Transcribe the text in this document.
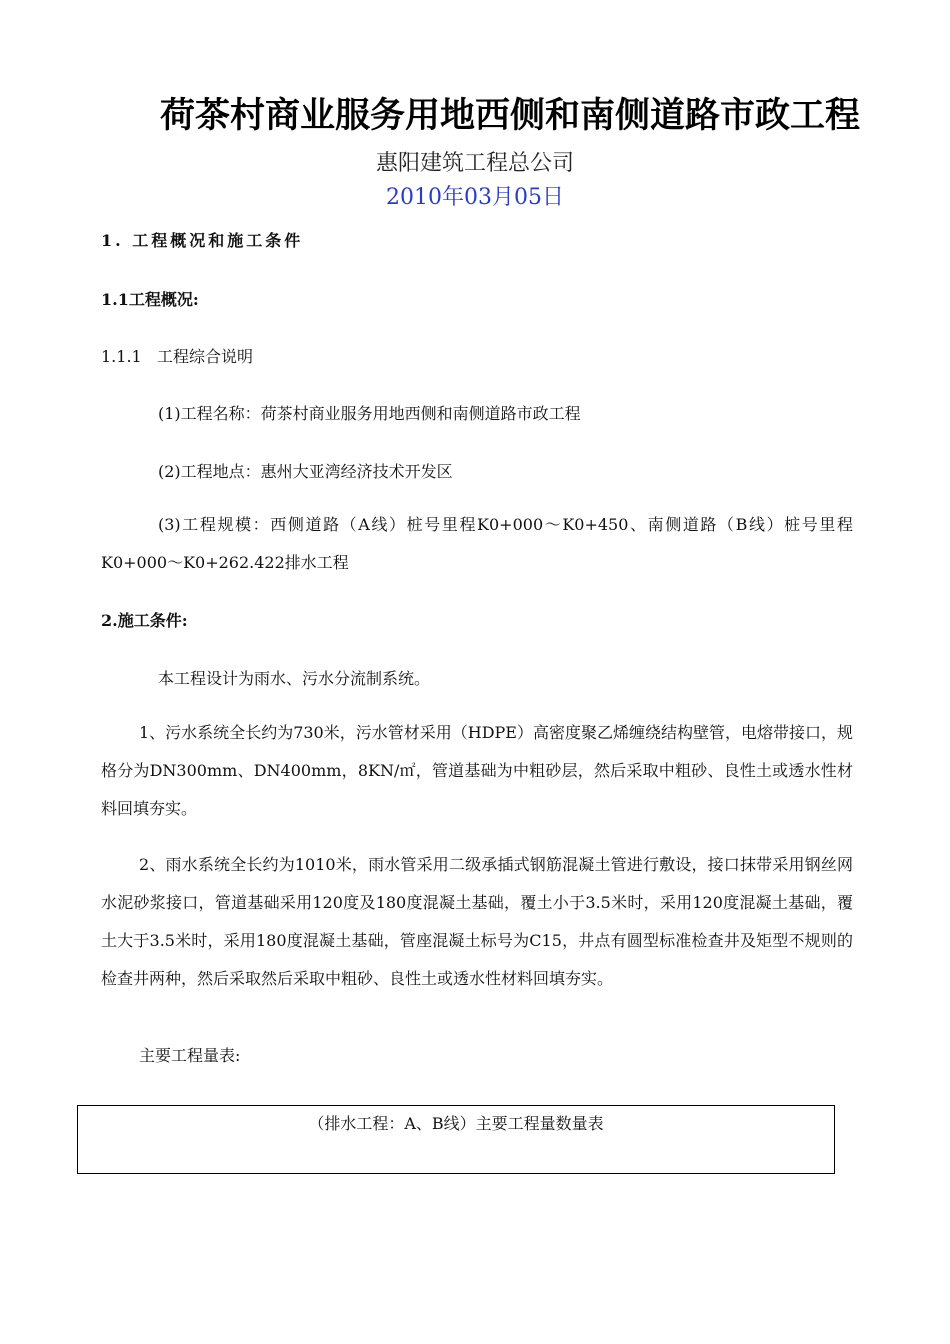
荷茶村商业服务用地西侧和南侧道路市政工程
惠阳建筑工程总公司
2010年03月05日
1. 工程概况和施工条件
1.1工程概况:
1.1.1   工程综合说明
(1)工程名称：荷茶村商业服务用地西侧和南侧道路市政工程
(2)工程地点：惠州大亚湾经济技术开发区
(3)工程规模：西侧道路（A线）桩号里程K0+000～K0+450、南侧道路（B线）桩号里程K0+000～K0+262.422排水工程
2.施工条件:
本工程设计为雨水、污水分流制系统。
1、污水系统全长约为730米，污水管材采用（HDPE）高密度聚乙烯缠绕结构壁管，电熔带接口，规格分为DN300mm、DN400mm，8KN/㎡，管道基础为中粗砂层，然后采取中粗砂、良性土或透水性材料回填夯实。
2、雨水系统全长约为1010米，雨水管采用二级承插式钢筋混凝土管进行敷设，接口抹带采用钢丝网水泥砂浆接口，管道基础采用120度及180度混凝土基础，覆土小于3.5米时，采用120度混凝土基础，覆土大于3.5米时，采用180度混凝土基础，管座混凝土标号为C15，井点有圆型标准检查井及矩型不规则的检查井两种，然后采取然后采取中粗砂、良性土或透水性材料回填夯实。
主要工程量表:
（排水工程：A、B线）主要工程量数量表
